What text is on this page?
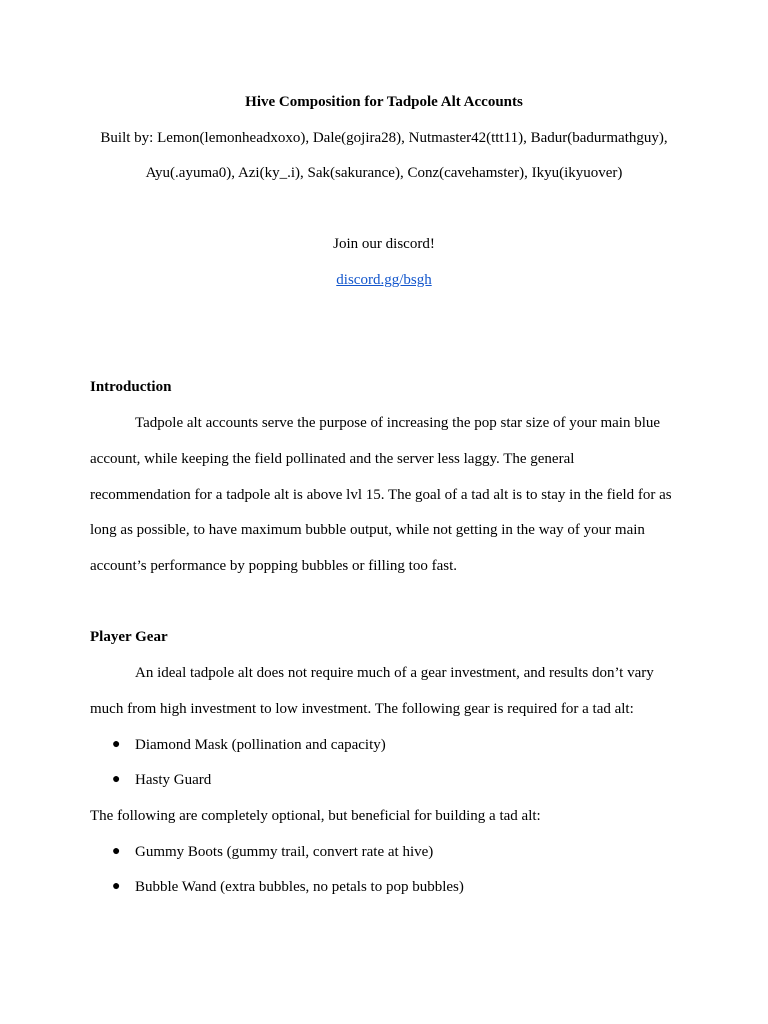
Hive Composition for Tadpole Alt Accounts
Built by: Lemon(lemonheadxoxo), Dale(gojira28), Nutmaster42(ttt11), Badur(badurmathguy),
Ayu(.ayuma0), Azi(ky_.i), Sak(sakurance), Conz(cavehamster), Ikyu(ikyuover)
Join our discord!
discord.gg/bsgh
Introduction
Tadpole alt accounts serve the purpose of increasing the pop star size of your main blue
account, while keeping the field pollinated and the server less laggy. The general
recommendation for a tadpole alt is above lvl 15. The goal of a tad alt is to stay in the field for as
long as possible, to have maximum bubble output, while not getting in the way of your main
account’s performance by popping bubbles or filling too fast.
Player Gear
An ideal tadpole alt does not require much of a gear investment, and results don’t vary
much from high investment to low investment. The following gear is required for a tad alt:
● Diamond Mask (pollination and capacity)
● Hasty Guard
The following are completely optional, but beneficial for building a tad alt:
● Gummy Boots (gummy trail, convert rate at hive)
● Bubble Wand (extra bubbles, no petals to pop bubbles)
